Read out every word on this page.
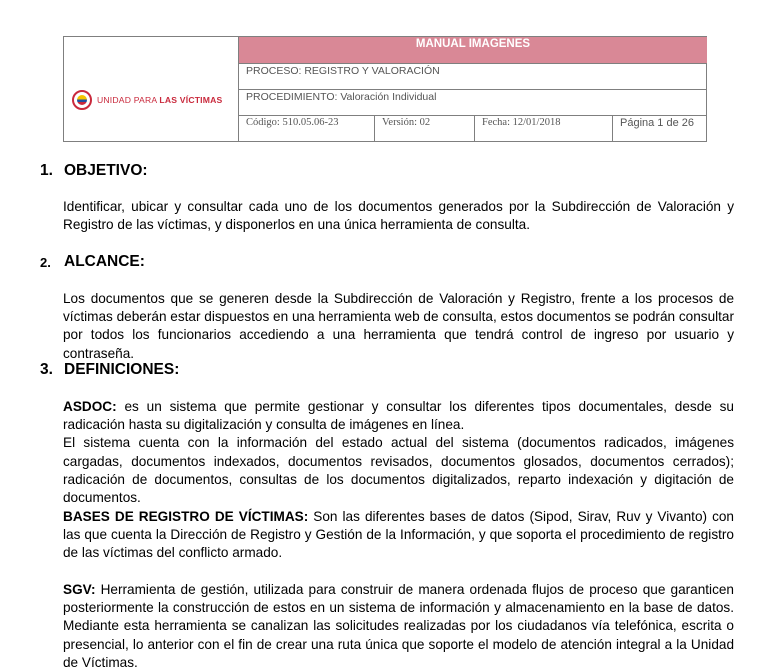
UNIDAD PARA LAS VÍCTIMAS
MANUAL IMAGENES
PROCESO: REGISTRO Y VALORACIÓN
PROCEDIMIENTO: Valoración Individual
Código: 510.05.06-23	Versión: 02	Fecha: 12/01/2018	Página 1 de 26
1. OBJETIVO:

Identificar, ubicar y consultar cada uno de los documentos generados por la Subdirección de Valoración y Registro de las víctimas, y disponerlos en una única herramienta de consulta.

2. ALCANCE:

Los documentos que se generen desde la Subdirección de Valoración y Registro, frente a los procesos de víctimas deberán estar dispuestos en una herramienta web de consulta, estos documentos se podrán consultar por todos los funcionarios accediendo a una herramienta que tendrá control de ingreso por usuario y contraseña.

3. DEFINICIONES:

ASDOC: es un sistema que permite gestionar y consultar los diferentes tipos documentales, desde su radicación hasta su digitalización y consulta de imágenes en línea.
El sistema cuenta con la información del estado actual del sistema (documentos radicados, imágenes cargadas, documentos indexados, documentos revisados, documentos glosados, documentos cerrados); radicación de documentos, consultas de los documentos digitalizados, reparto indexación y digitación de documentos.

BASES DE REGISTRO DE VÍCTIMAS: Son las diferentes bases de datos (Sipod, Sirav, Ruv y Vivanto) con las que cuenta la Dirección de Registro y Gestión de la Información, y que soporta el procedimiento de registro de las víctimas del conflicto armado.

SGV: Herramienta de gestión, utilizada para construir de manera ordenada flujos de proceso que garanticen posteriormente la construcción de estos en un sistema de información y almacenamiento en la base de datos. Mediante esta herramienta se canalizan las solicitudes realizadas por los ciudadanos vía telefónica, escrita o presencial, lo anterior con el fin de crear una ruta única que soporte el modelo de atención integral a la Unidad de Víctimas.
